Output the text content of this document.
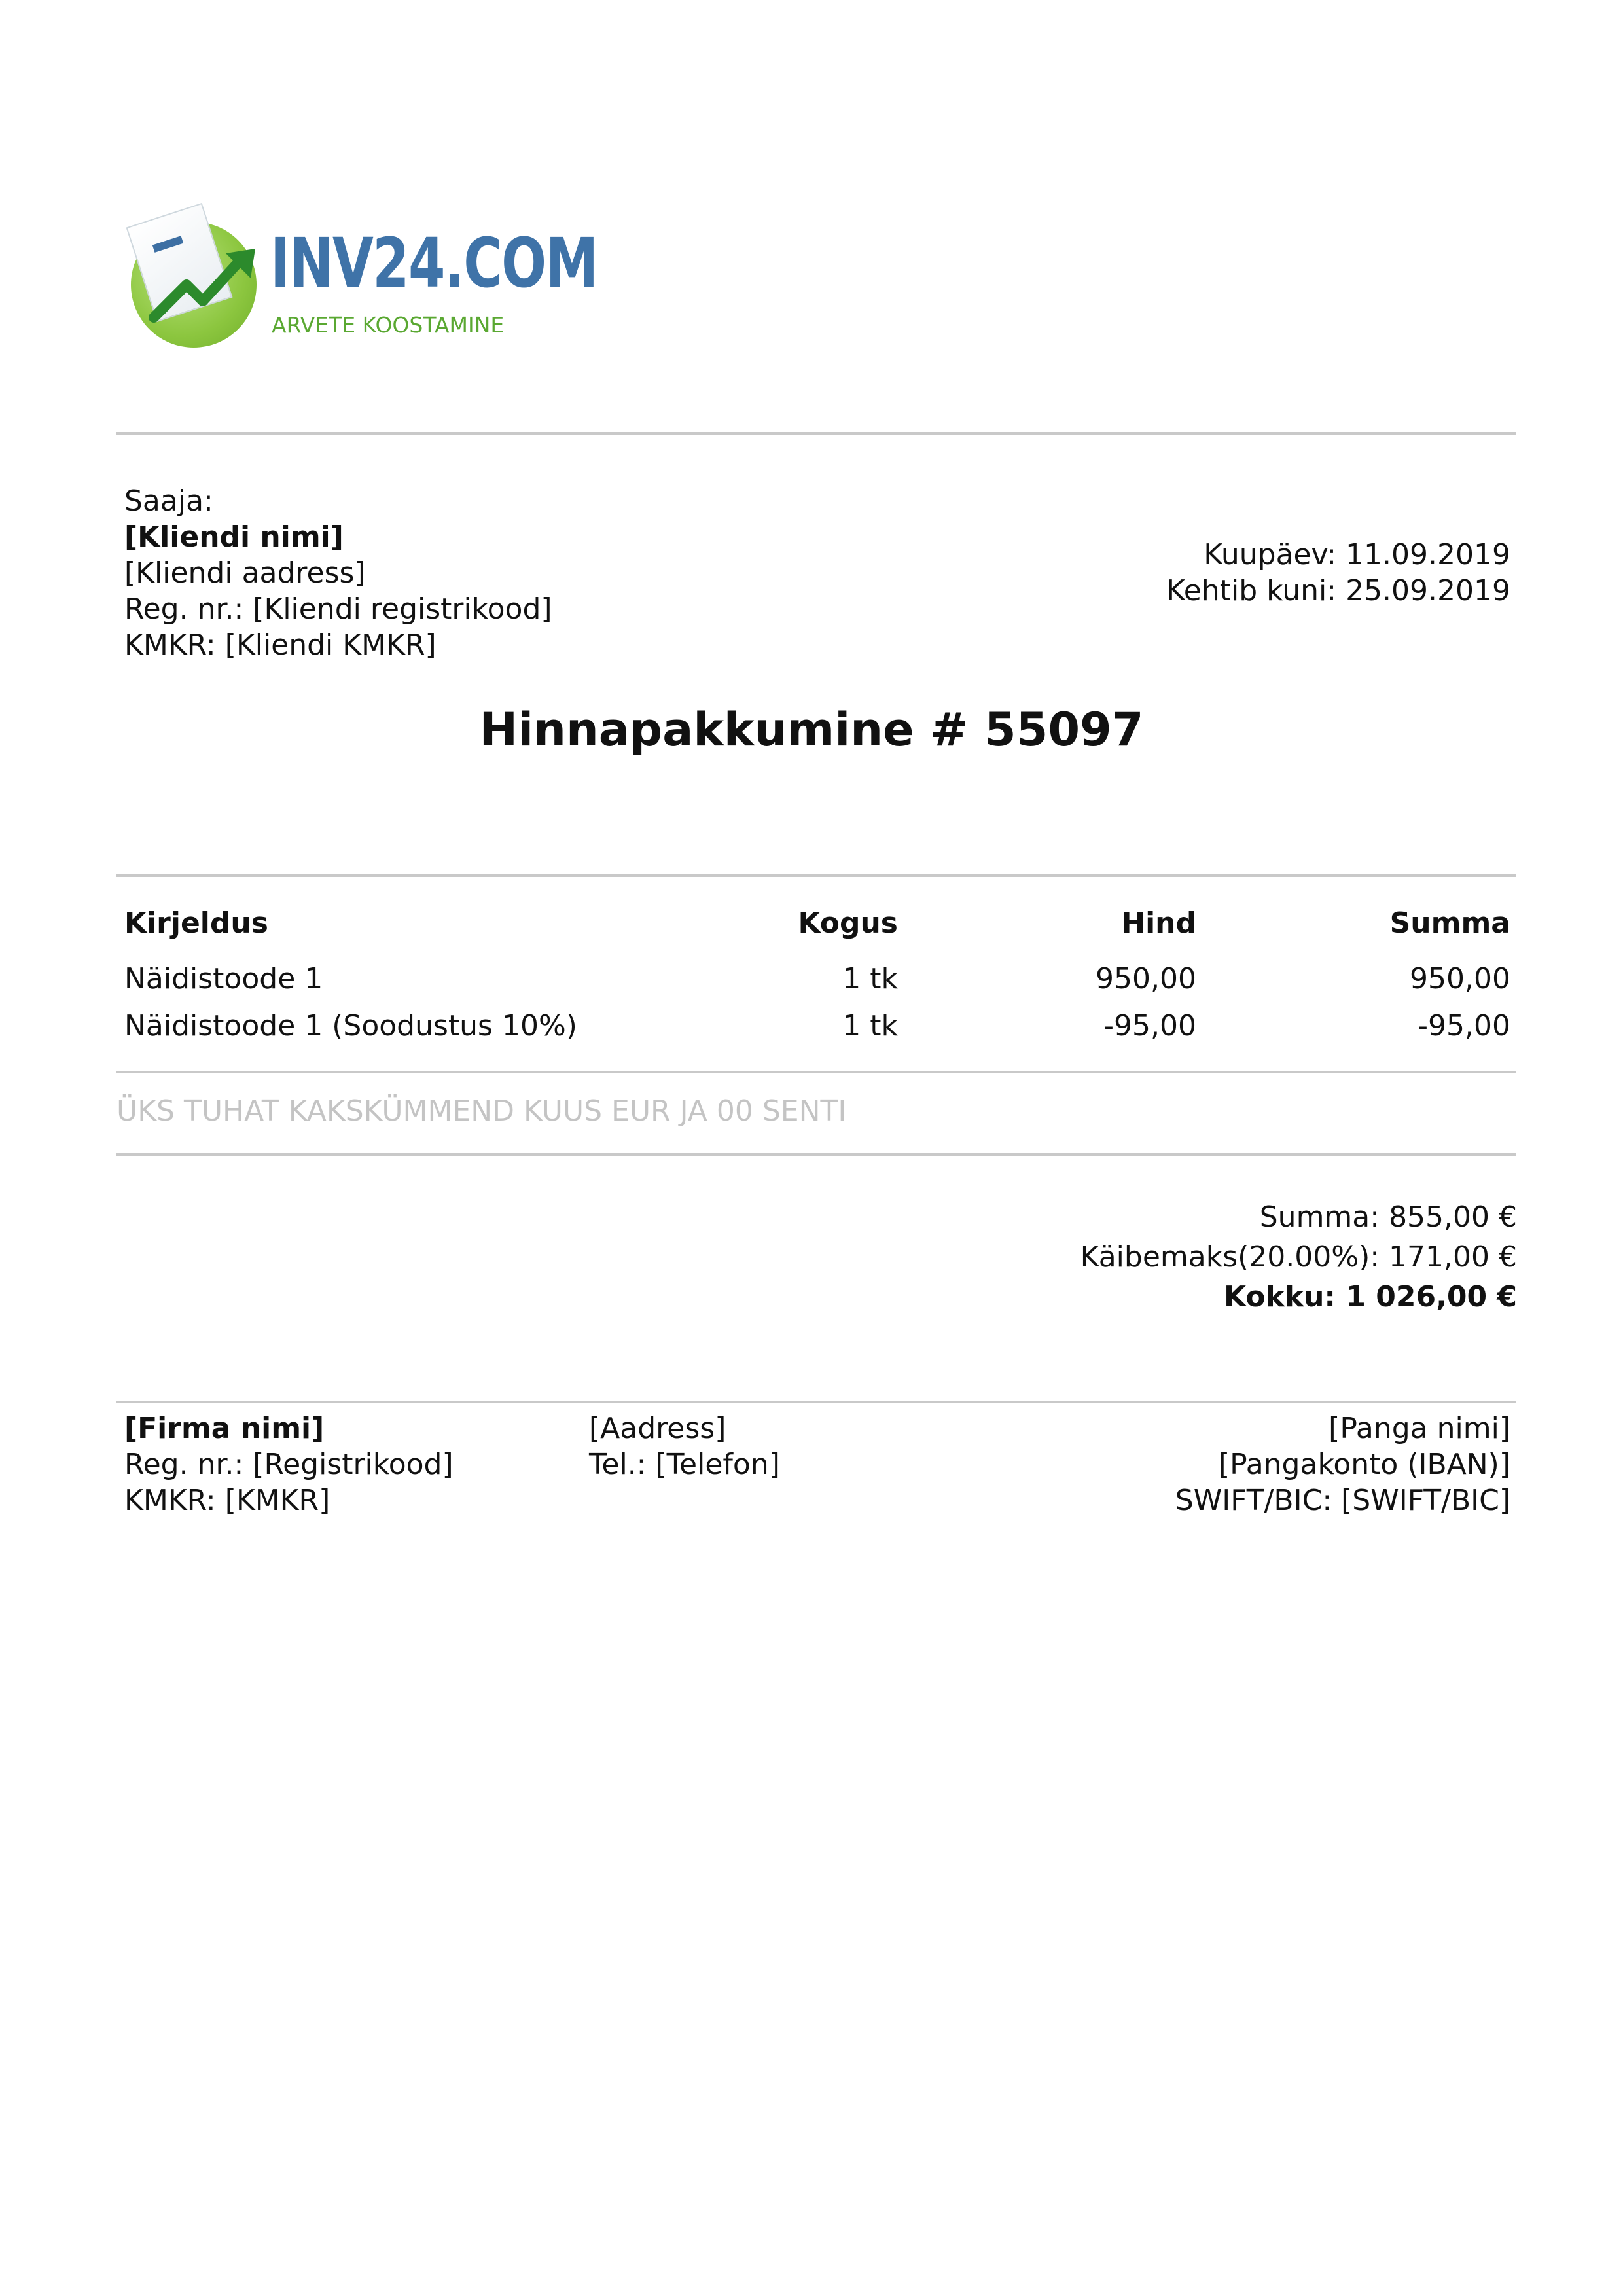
INV24.COM
ARVETE KOOSTAMINE
Saaja:
[Kliendi nimi]
[Kliendi aadress]
Reg. nr.: [Kliendi registrikood]
KMKR: [Kliendi KMKR]
Kuupäev: 11.09.2019
Kehtib kuni: 25.09.2019
Hinnapakkumine # 55097
Kirjeldus	Kogus	Hind	Summa
Näidistoode 1	1 tk	950,00	950,00
Näidistoode 1 (Soodustus 10%)	1 tk	-95,00	-95,00
ÜKS TUHAT KAKSKÜMMEND KUUS EUR JA 00 SENTI
Summa: 855,00 €
Käibemaks(20.00%): 171,00 €
Kokku: 1 026,00 €
[Firma nimi]
Reg. nr.: [Registrikood]
KMKR: [KMKR]
[Aadress]
Tel.: [Telefon]
[Panga nimi]
[Pangakonto (IBAN)]
SWIFT/BIC: [SWIFT/BIC]
